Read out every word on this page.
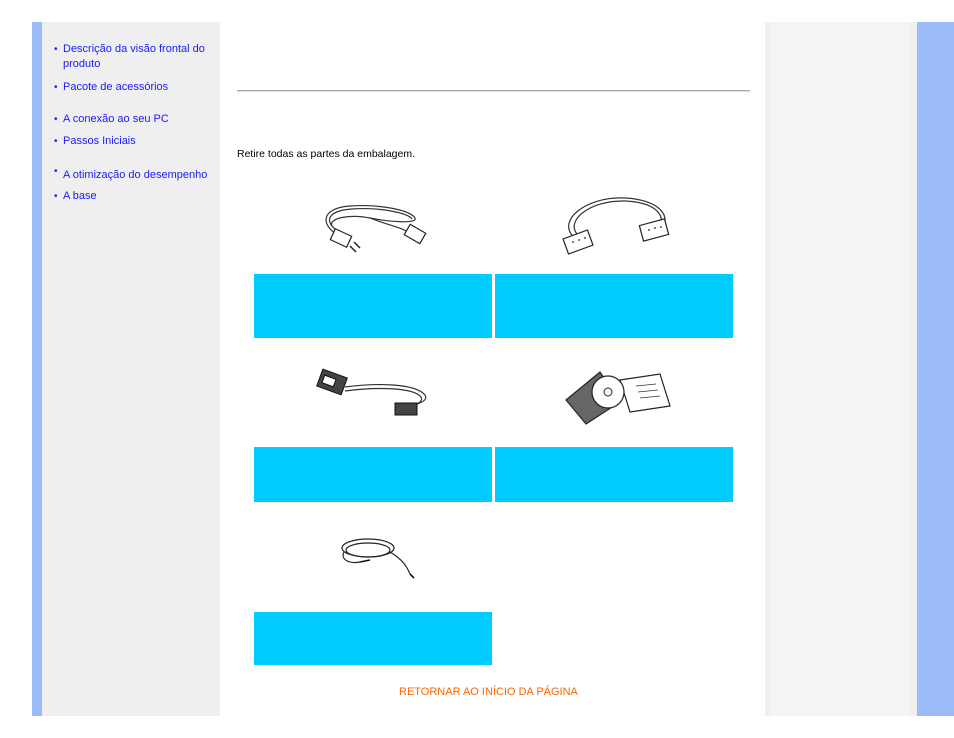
• Descrição da visão frontal do produto
• Pacote de acessórios
• A conexão ao seu PC
• Passos Iniciais
• A otimização do desempenho
• A base
Retire todas as partes da embalagem.
RETORNAR AO INÍCIO DA PÁGINA
